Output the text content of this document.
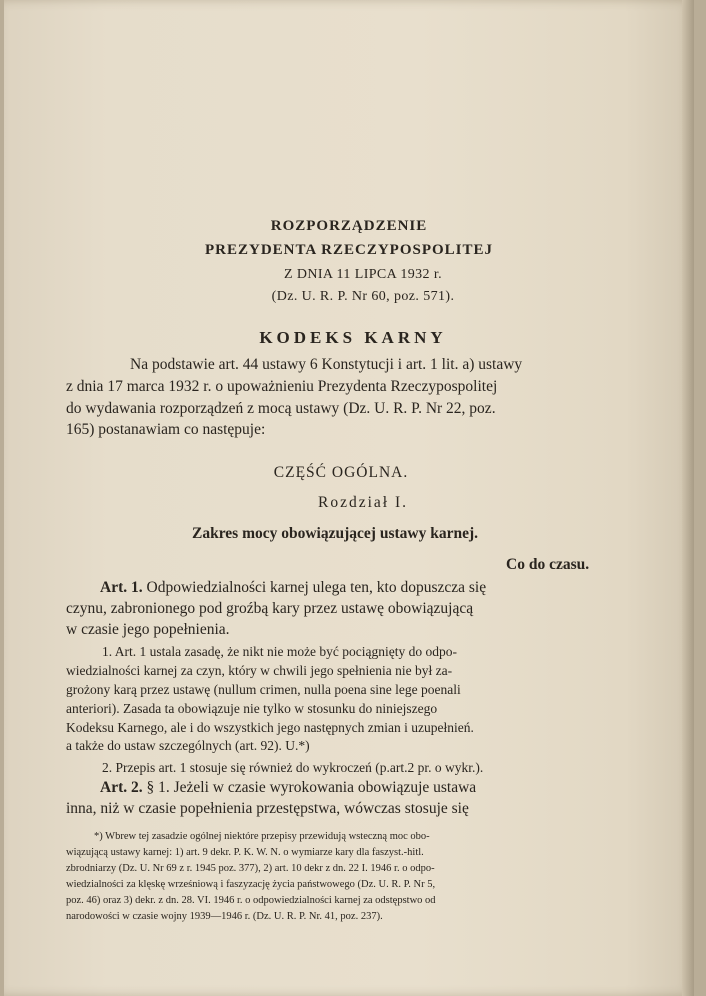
ROZPORZĄDZENIE
PREZYDENTA RZECZYPOSPOLITEJ
Z DNIA 11 LIPCA 1932 r.
(Dz. U. R. P. Nr 60, poz. 571).
KODEKS KARNY
Na podstawie art. 44 ustawy 6 Konstytucji i art. 1 lit. a) ustawy
z dnia 17 marca 1932 r. o upoważnieniu Prezydenta Rzeczypospolitej
do wydawania rozporządzeń z mocą ustawy (Dz. U. R. P. Nr 22, poz.
165) postanawiam co następuje:
CZĘŚĆ OGÓLNA.
Rozdział I.
Zakres mocy obowiązującej ustawy karnej.
Co do czasu.
Art. 1. Odpowiedzialności karnej ulega ten, kto dopuszcza się
czynu, zabronionego pod groźbą kary przez ustawę obowiązującą
w czasie jego popełnienia.
1. Art. 1 ustala zasadę, że nikt nie może być pociągnięty do odpo-
wiedzialności karnej za czyn, który w chwili jego spełnienia nie był za-
grożony karą przez ustawę (nullum crimen, nulla poena sine lege poenali
anteriori). Zasada ta obowiązuje nie tylko w stosunku do niniejszego
Kodeksu Karnego, ale i do wszystkich jego następnych zmian i uzupełnień.
a także do ustaw szczególnych (art. 92). U.*)
2. Przepis art. 1 stosuje się również do wykroczeń (p.art.2 pr. o wykr.).
Art. 2. § 1. Jeżeli w czasie wyrokowania obowiązuje ustawa
inna, niż w czasie popełnienia przestępstwa, wówczas stosuje się
*) Wbrew tej zasadzie ogólnej niektóre przepisy przewidują wsteczną moc obo-
wiązującą ustawy karnej: 1) art. 9 dekr. P. K. W. N. o wymiarze kary dla faszyst.-hitl.
zbrodniarzy (Dz. U. Nr 69 z r. 1945 poz. 377), 2) art. 10 dekr z dn. 22 I. 1946 r. o odpo-
wiedzialności za klęskę wrześniową i faszyzację życia państwowego (Dz. U. R. P. Nr 5,
poz. 46) oraz 3) dekr. z dn. 28. VI. 1946 r. o odpowiedzialności karnej za odstępstwo od
narodowości w czasie wojny 1939—1946 r. (Dz. U. R. P. Nr. 41, poz. 237).
